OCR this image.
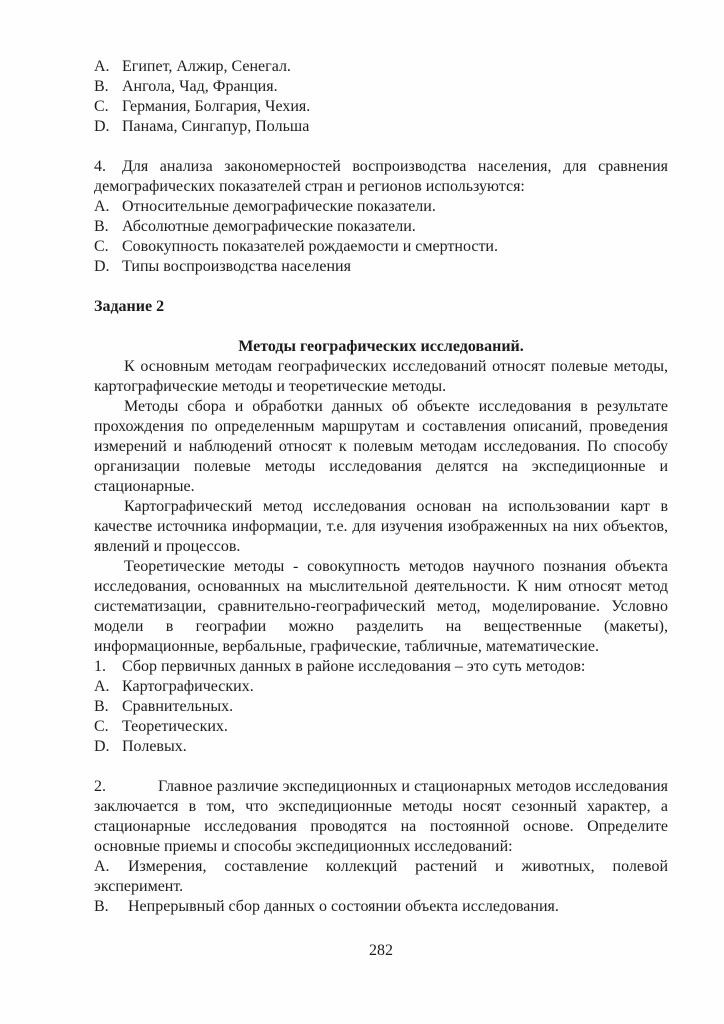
A. Египет, Алжир, Сенегал.
B. Ангола, Чад, Франция.
C. Германия, Болгария, Чехия.
D. Панама, Сингапур, Польша

4. Для анализа закономерностей воспроизводства населения, для сравнения демографических показателей стран и регионов используются:

A. Относительные демографические показатели.
B. Абсолютные демографические показатели.
C. Совокупность показателей рождаемости и смертности.
D. Типы воспроизводства населения
Задание 2
Методы географических исследований.

К основным методам географических исследований относят полевые методы, картографические методы и теоретические методы.

Методы сбора и обработки данных об объекте исследования в результате прохождения по определенным маршрутам и составления описаний, проведения измерений и наблюдений относят к полевым методам исследования. По способу организации полевые методы исследования делятся на экспедиционные и стационарные.

Картографический метод исследования основан на использовании карт в качестве источника информации, т.е. для изучения изображенных на них объектов, явлений и процессов.

Теоретические методы - совокупность методов научного познания объекта исследования, основанных на мыслительной деятельности. К ним относят метод систематизации, сравнительно-географический метод, моделирование. Условно модели в географии можно разделить на вещественные (макеты), информационные, вербальные, графические, табличные, математические.

1. Сбор первичных данных в районе исследования – это суть методов:

A. Картографических.
B. Сравнительных.
C. Теоретических.
D. Полевых.

2.	Главное различие экспедиционных и стационарных методов исследования заключается в том, что экспедиционные методы носят сезонный характер, а стационарные исследования проводятся на постоянной основе. Определите основные приемы и способы экспедиционных исследований:

A. Измерения, составление коллекций растений и животных, полевой эксперимент.

B. Непрерывный сбор данных о состоянии объекта исследования.

282
